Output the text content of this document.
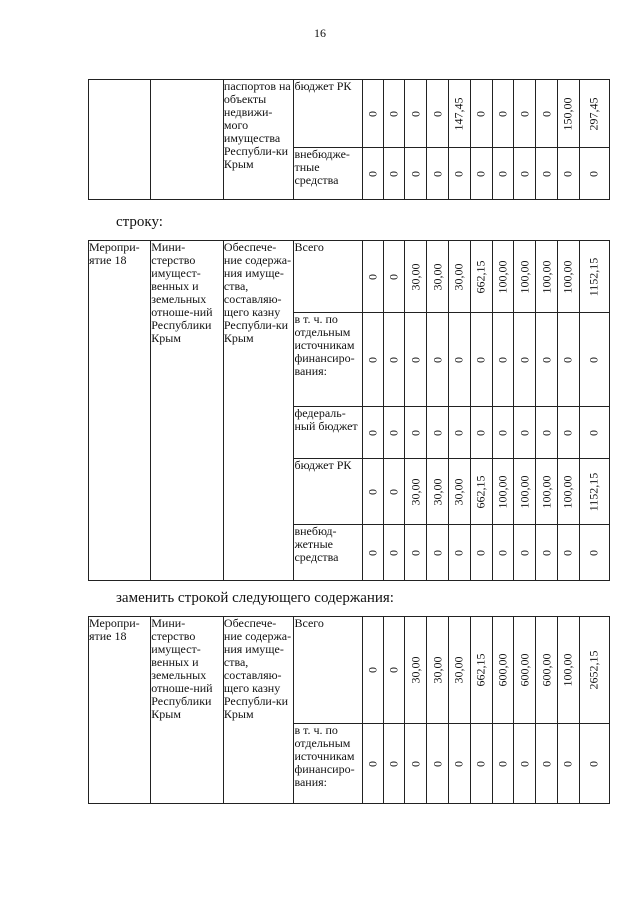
16
		паспортов на объекты недвижи-мого имущества Республи-ки Крым	бюджет РК	0	0	0	0	147,45	0	0	0	0	150,00	297,45

			внебюдже-тные средства	0	0	0	0	0	0	0	0	0	0	0
строку:
Меропри-ятие 18	Мини-стерство имущест-венных и земельных отноше-ний Республики Крым	Обеспече-ние содержа-ния имуще-ства, составляю-щего казну Республи-ки Крым	Всего	0	0	30,00	30,00	30,00	662,15	100,00	100,00	100,00	100,00	1152,15

			в т. ч. по отдельным источникам финансиро-вания:	0	0	0	0	0	0	0	0	0	0	0

			федераль-ный бюджет	0	0	0	0	0	0	0	0	0	0	0

			бюджет РК	0	0	30,00	30,00	30,00	662,15	100,00	100,00	100,00	100,00	1152,15

			внебюд-жетные средства	0	0	0	0	0	0	0	0	0	0	0
заменить строкой следующего содержания:
Меропри-ятие 18	Мини-стерство имущест-венных и земельных отноше-ний Республики Крым	Обеспече-ние содержа-ния имуще-ства, составляю-щего казну Республи-ки Крым	Всего	0	0	30,00	30,00	30,00	662,15	600,00	600,00	600,00	100,00	2652,15

			в т. ч. по отдельным источникам финансиро-вания:	0	0	0	0	0	0	0	0	0	0	0
